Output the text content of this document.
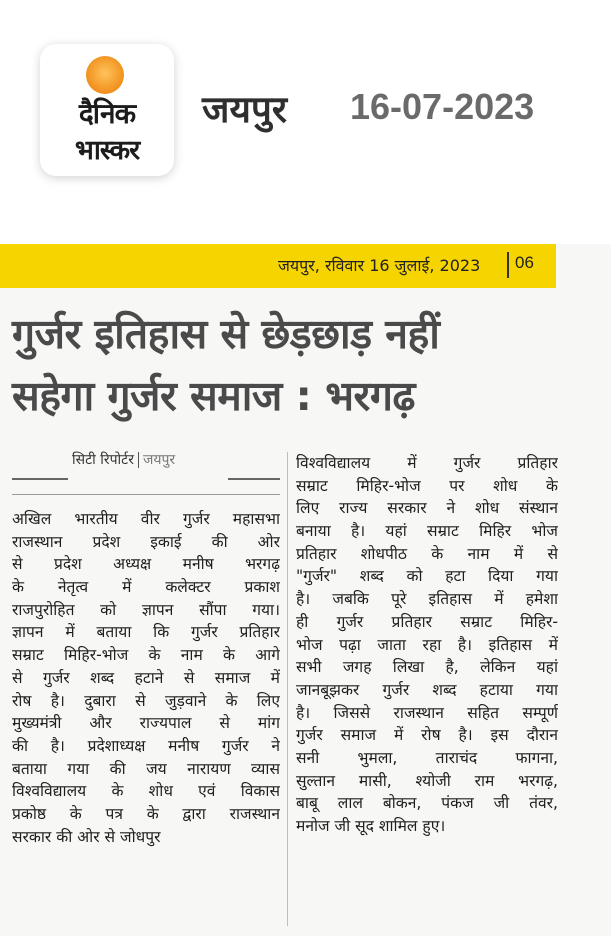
दैनिक
भास्कर
जयपुर 16-07-2023
जयपुर, रविवार 16 जुलाई, 2023 06
गुर्जर इतिहास से छेड़छाड़ नहीं
सहेगा गुर्जर समाज : भरगढ़
सिटी रिपोर्टर जयपुर
अखिल भारतीय वीर गुर्जर महासभा
राजस्थान प्रदेश इकाई की ओर
से प्रदेश अध्यक्ष मनीष भरगढ़
के नेतृत्व में कलेक्टर प्रकाश
राजपुरोहित को ज्ञापन सौंपा गया।
ज्ञापन में बताया कि गुर्जर प्रतिहार
सम्राट मिहिर-भोज के नाम के आगे
से गुर्जर शब्द हटाने से समाज में
रोष है। दुबारा से जुड़वाने के लिए
मुख्यमंत्री और राज्यपाल से मांग
की है। प्रदेशाध्यक्ष मनीष गुर्जर ने
बताया गया की जय नारायण व्यास
विश्वविद्यालय के शोध एवं विकास
प्रकोष्ठ के पत्र के द्वारा राजस्थान
सरकार की ओर से जोधपुर
विश्वविद्यालय में गुर्जर प्रतिहार
सम्राट मिहिर-भोज पर शोध के
लिए राज्य सरकार ने शोध संस्थान
बनाया है। यहां सम्राट मिहिर भोज
प्रतिहार शोधपीठ के नाम में से
"गुर्जर" शब्द को हटा दिया गया
है। जबकि पूरे इतिहास में हमेशा
ही गुर्जर प्रतिहार सम्राट मिहिर-
भोज पढ़ा जाता रहा है। इतिहास में
सभी जगह लिखा है, लेकिन यहां
जानबूझकर गुर्जर शब्द हटाया गया
है। जिससे राजस्थान सहित सम्पूर्ण
गुर्जर समाज में रोष है। इस दौरान
सनी भुमला, ताराचंद फागना,
सुल्तान मासी, श्योजी राम भरगढ़,
बाबू लाल बोकन, पंकज जी तंवर,
मनोज जी सूद शामिल हुए।
